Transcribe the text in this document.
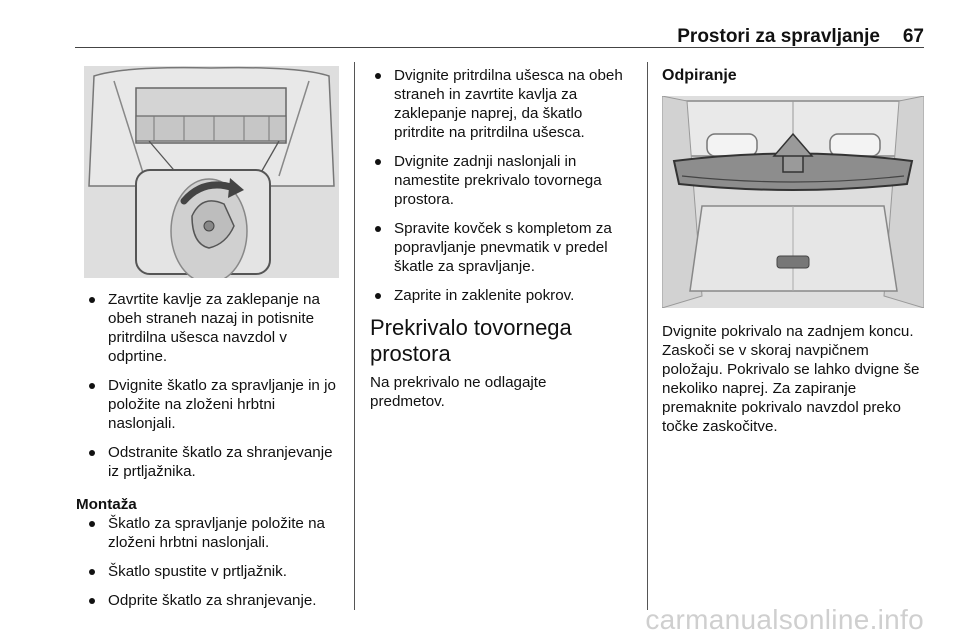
Prostori za spravljanje 67
Zavrtite kavlje za zaklepanje na obeh straneh nazaj in potisnite pritrdilna ušesca navzdol v odprtine.
Dvignite škatlo za spravljanje in jo položite na zloženi hrbtni naslonjali.
Odstranite škatlo za shranjevanje iz prtljažnika.

Montaža

Škatlo za spravljanje položite na zloženi hrbtni naslonjali.
Škatlo spustite v prtljažnik.
Odprite škatlo za shranjevanje.
Dvignite pritrdilna ušesca na obeh straneh in zavrtite kavlja za zaklepanje naprej, da škatlo pritrdite na pritrdilna ušesca.
Dvignite zadnji naslonjali in namestite prekrivalo tovornega prostora.
Spravite kovček s kompletom za popravljanje pnevmatik v predel škatle za spravljanje.
Zaprite in zaklenite pokrov.
Prekrivalo tovornega prostora

Na prekrivalo ne odlagajte predmetov.

Odpiranje

Dvignite pokrivalo na zadnjem koncu. Zaskoči se v skoraj navpičnem položaju. Pokrivalo se lahko dvigne še nekoliko naprej. Za zapiranje premaknite pokrivalo navzdol preko točke zaskočitve.

carmanualsonline.info
